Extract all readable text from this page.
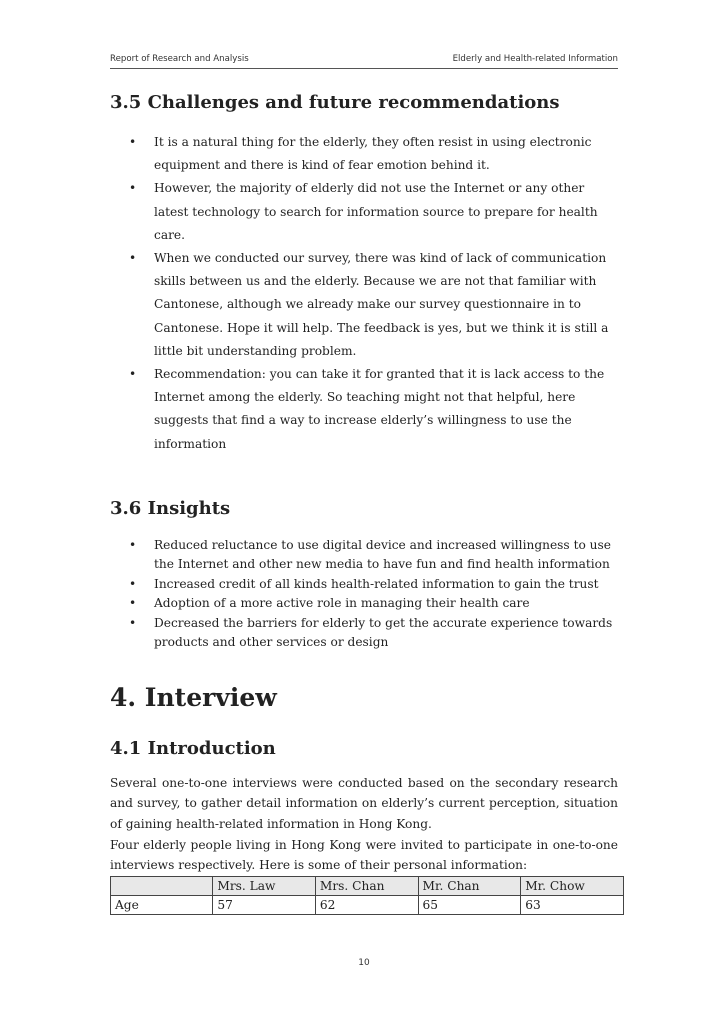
Report of Research and Analysis	Elderly and Health-related Information
3.5 Challenges and future recommendations
• It is a natural thing for the elderly, they often resist in using electronic equipment and there is kind of fear emotion behind it.
• However, the majority of elderly did not use the Internet or any other latest technology to search for information source to prepare for health care.
• When we conducted our survey, there was kind of lack of communication skills between us and the elderly. Because we are not that familiar with Cantonese, although we already make our survey questionnaire in to Cantonese. Hope it will help. The feedback is yes, but we think it is still a little bit understanding problem.
• Recommendation: you can take it for granted that it is lack access to the Internet among the elderly. So teaching might not that helpful, here suggests that find a way to increase elderly’s willingness to use the information
3.6 Insights
• Reduced reluctance to use digital device and increased willingness to use the Internet and other new media to have fun and find health information
• Increased credit of all kinds health-related information to gain the trust
• Adoption of a more active role in managing their health care
• Decreased the barriers for elderly to get the accurate experience towards products and other services or design
4. Interview
4.1 Introduction

Several one-to-one interviews were conducted based on the secondary research and survey, to gather detail information on elderly’s current perception, situation of gaining health-related information in Hong Kong.

Four elderly people living in Hong Kong were invited to participate in one-to-one interviews respectively. Here is some of their personal information:

	Mrs. Law	Mrs. Chan	Mr. Chan	Mr. Chow
Age	57	62	65	63
10
